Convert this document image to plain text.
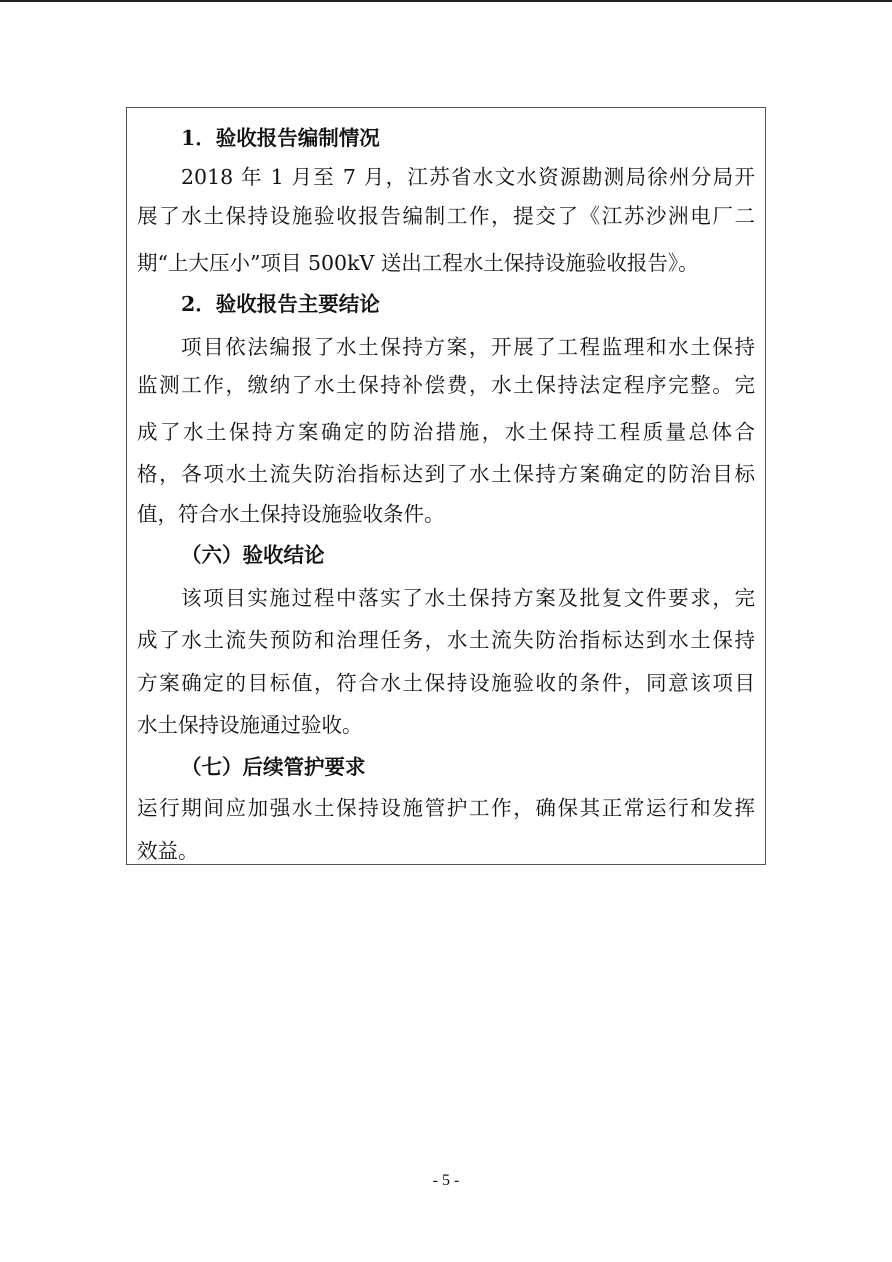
1．验收报告编制情况
2018 年 1 月至 7 月，江苏省水文水资源勘测局徐州分局开
展了水土保持设施验收报告编制工作，提交了《江苏沙洲电厂二
期“上大压小”项目 500kV 送出工程水土保持设施验收报告》。
2．验收报告主要结论
项目依法编报了水土保持方案，开展了工程监理和水土保持
监测工作，缴纳了水土保持补偿费，水土保持法定程序完整。完
成了水土保持方案确定的防治措施，水土保持工程质量总体合
格，各项水土流失防治指标达到了水土保持方案确定的防治目标
值，符合水土保持设施验收条件。
（六）验收结论
该项目实施过程中落实了水土保持方案及批复文件要求，完
成了水土流失预防和治理任务，水土流失防治指标达到水土保持
方案确定的目标值，符合水土保持设施验收的条件，同意该项目
水土保持设施通过验收。
（七）后续管护要求
运行期间应加强水土保持设施管护工作，确保其正常运行和发挥
效益。
- 5 -
